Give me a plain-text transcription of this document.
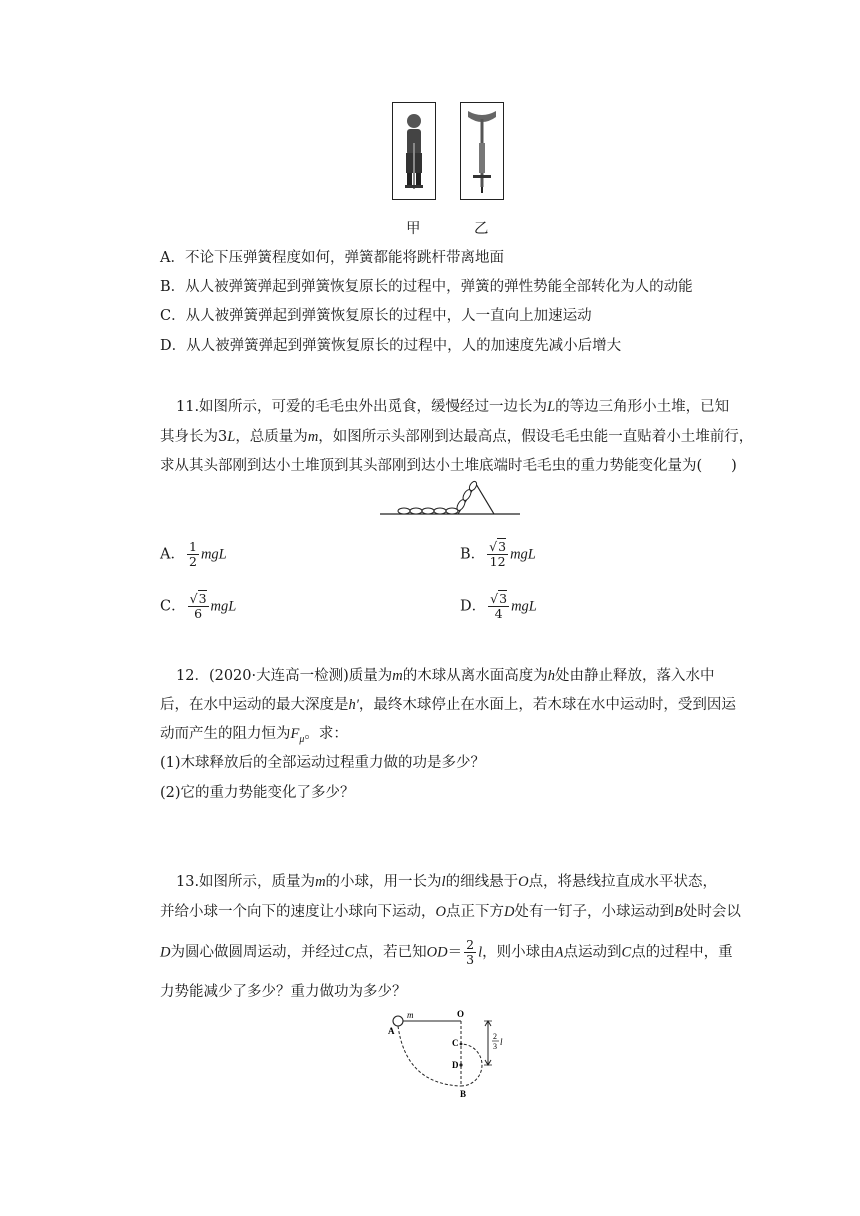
甲	乙
A．不论下压弹簧程度如何，弹簧都能将跳杆带离地面
B．从人被弹簧弹起到弹簧恢复原长的过程中，弹簧的弹性势能全部转化为人的动能
C．从人被弹簧弹起到弹簧恢复原长的过程中，人一直向上加速运动
D．从人被弹簧弹起到弹簧恢复原长的过程中，人的加速度先减小后增大
11.如图所示，可爱的毛毛虫外出觅食，缓慢经过一边长为L的等边三角形小土堆，已知
其身长为3L，总质量为m，如图所示头部刚到达最高点，假设毛毛虫能一直贴着小土堆前行，
求从其头部刚到达小土堆顶到其头部刚到达小土堆底端时毛毛虫的重力势能变化量为(　　)
A． $\frac{1}{2}$ mgL	B． $\frac{√3}{12}$ mgL
C． $\frac{√3}{6}$ mgL	D． $\frac{√3}{4}$ mgL
12．(2020·大连高一检测)质量为m的木球从离水面高度为h处由静止释放，落入水中
后，在水中运动的最大深度是h′，最终木球停止在水面上，若木球在水中运动时，受到因运
动而产生的阻力恒为$F_\mu$。求：
(1)木球释放后的全部运动过程重力做的功是多少？
(2)它的重力势能变化了多少？
13.如图所示，质量为m的小球，用一长为l的细线悬于O点，将悬线拉直成水平状态，
并给小球一个向下的速度让小球向下运动，O点正下方D处有一钉子，小球运动到B处时会以
D为圆心做圆周运动，并经过C点，若已知$OD= \frac{2}{3}$ l，则小球由A点运动到C点的过程中，重
力势能减少了多少？重力做功为多少？
m	O
A
C
D
B
2
3 l
